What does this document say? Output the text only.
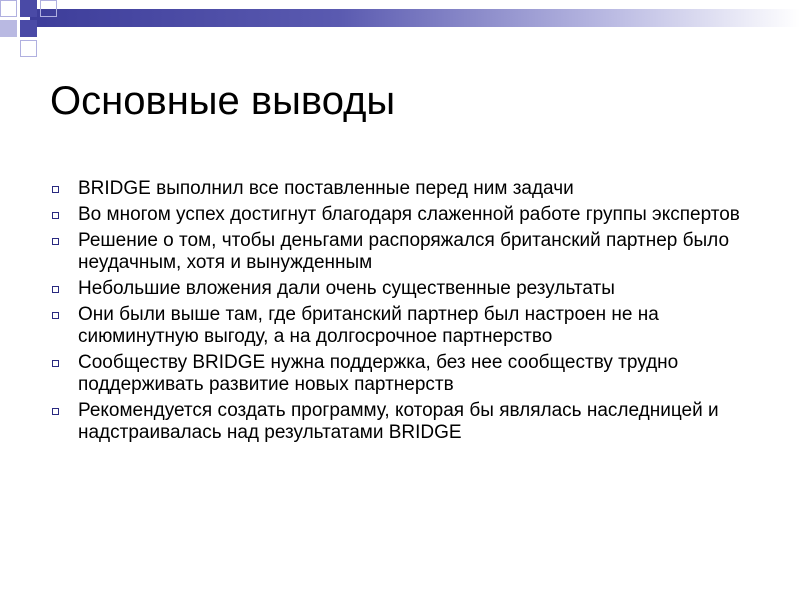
Основные выводы
BRIDGE выполнил все поставленные перед ним задачи
Во многом успех достигнут благодаря слаженной работе группы экспертов
Решение о том, чтобы деньгами распоряжался британский партнер было неудачным, хотя и вынужденным
Небольшие вложения дали очень существенные результаты
Они были выше там, где британский партнер был настроен не на сиюминутную выгоду, а на долгосрочное партнерство
Сообществу BRIDGE нужна поддержка, без нее сообществу трудно поддерживать развитие новых партнерств
Рекомендуется создать программу, которая бы являлась наследницей и надстраивалась над результатами BRIDGE
